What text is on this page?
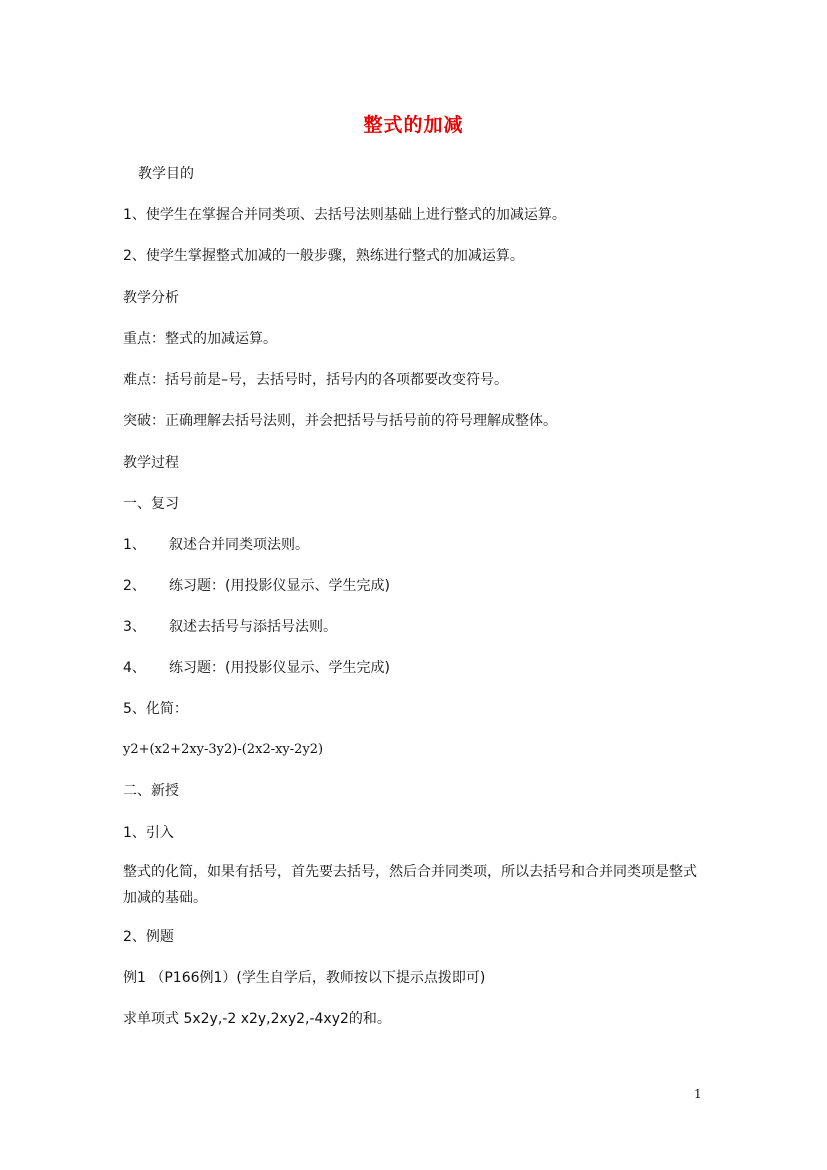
整式的加减
教学目的
1、使学生在掌握合并同类项、去括号法则基础上进行整式的加减运算。
2、使学生掌握整式加减的一般步骤，熟练进行整式的加减运算。
教学分析
重点：整式的加减运算。
难点：括号前是–号，去括号时，括号内的各项都要改变符号。
突破：正确理解去括号法则，并会把括号与括号前的符号理解成整体。
教学过程
一、复习
1、 叙述合并同类项法则。
2、 练习题：(用投影仪显示、学生完成)
3、 叙述去括号与添括号法则。
4、 练习题：(用投影仪显示、学生完成)
5、化简：
y2+(x2+2xy-3y2)-(2x2-xy-2y2)
二、新授
1、引入
整式的化简，如果有括号，首先要去括号，然后合并同类项，所以去括号和合并同类项是整式加减的基础。
2、例题
例1 （P166例1）(学生自学后，教师按以下提示点拨即可)
求单项式 5x2y,-2 x2y,2xy2,-4xy2的和。
1
